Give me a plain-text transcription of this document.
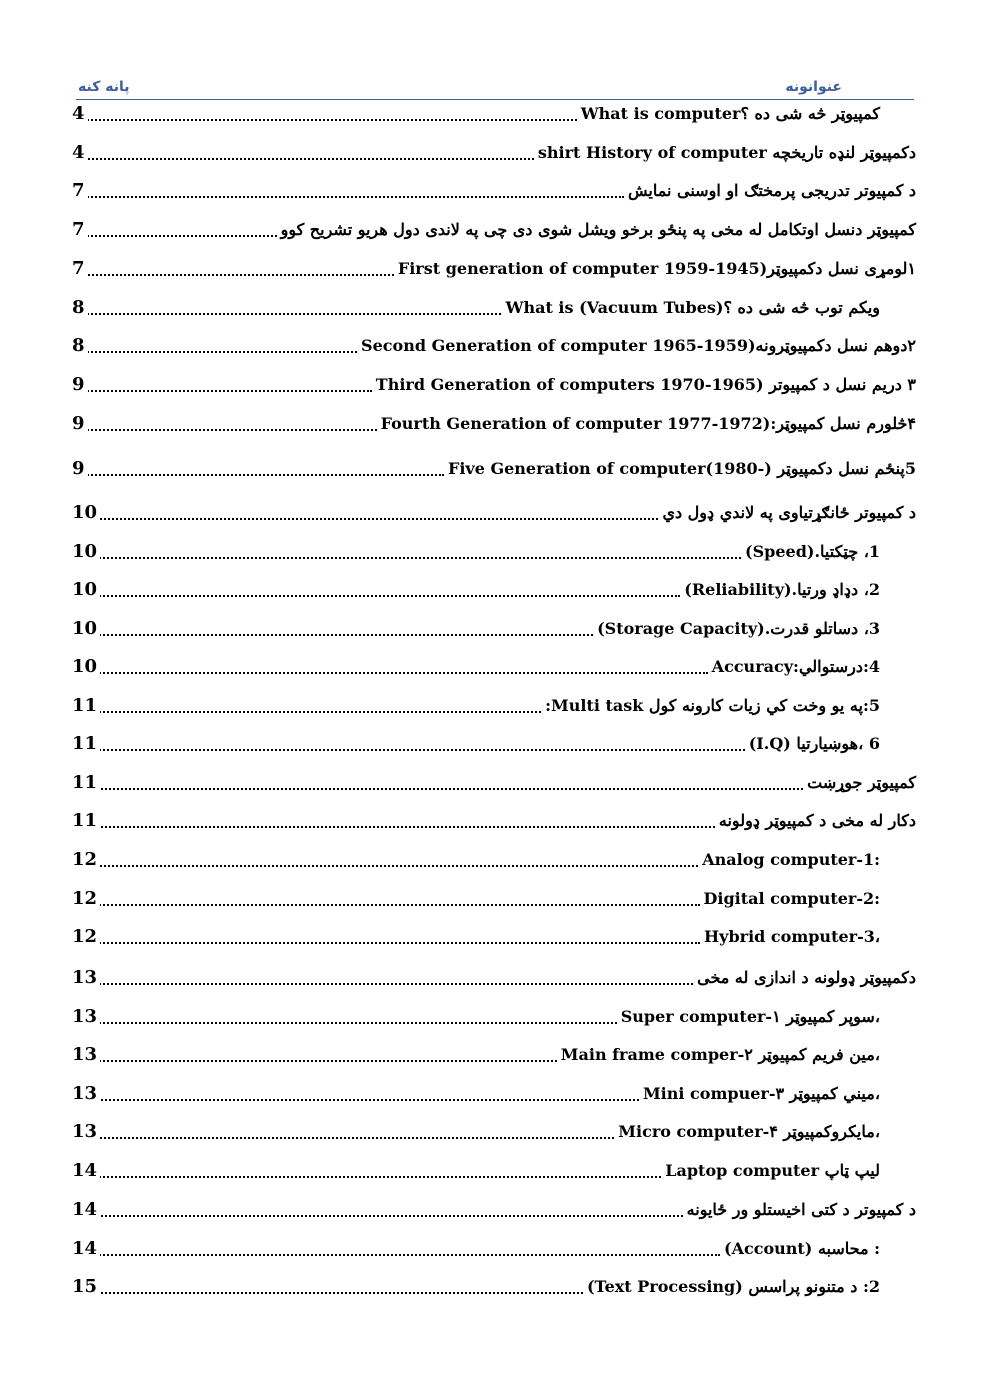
پانه کنه	عنوانونه
4	What is computerکمپیوټر څه شی ده ؟
4	دکمپیوټر لنډه تاریخچه shirt History of computer
7	د کمپیوتر تدریجی پرمختګ او اوسنی نمایش
7	کمپیوټر دنسل اوتکامل له مخی په پنځو برخو ویشل شوی دی چی په لاندی دول هریو تشریح کوو
7	۱لومړی نسل دکمپیوټر(1945-1959 First generation of computer
8	What is (Vacuum Tubes)ویکم توب څه شی ده ؟
8	۲دوهم نسل دکمپیوټرونه(1959-1965 Second Generation of computer
9	۳ دریم نسل د کمپیوتر (1965-1970 Third Generation of computers
9	۴څلورم نسل کمپیوټر:(1972-1977 Fourth Generation of computer
9	5پنځم نسل دکمپیوټر (-1980)Five Generation of computer
10	د کمپیوتر ځانګړتیاوی په لاندي ډول دي
10	1، چټکتیا.(Speed)
10	2، دډاډ ورتیا.(Reliability)
10	3، دساتلو قدرت.(Storage Capacity)
10	4:درستوالي:Accuracy
11	5:په یو وخت کي زیات کارونه کول Multi task:
11	6 ،هوښیارتیا (I.Q)
11	کمپیوټر جوړښت
11	دکار له مخی د کمپیوټر ډولونه
12	Analog computer-1:
12	Digital computer-2:
12	Hybrid computer-3،
13	دکمپیوټر ډولونه د اندازی له مخی
13	Super computer-۱ سوپر کمپیوټر،
13	Main frame comper-۲ مین فریم کمپیوټر،
13	Mini compuer-۳ میني کمپیوټر،
13	Micro computer-۴ مایکروکمپیوټر،
14	لیپ ټاپ Laptop computer
14	د کمپیوتر د کتی اخیستلو ور ځایونه
14	: محاسبه (Account)
15	2: د متنونو پراسس (Text Processing)
